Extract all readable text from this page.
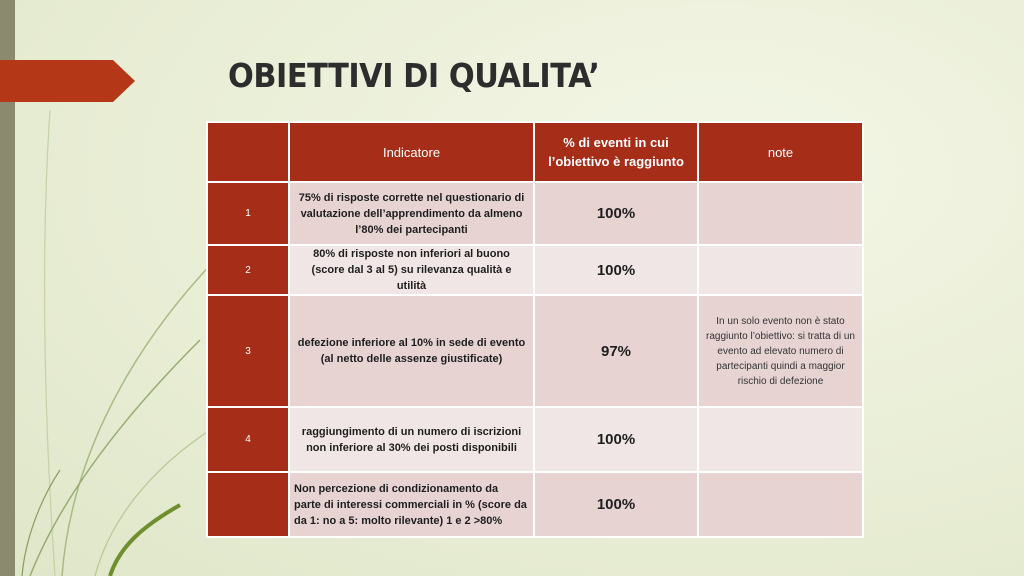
OBIETTIVI DI QUALITA’
	Indicatore	% di eventi in cui l’obiettivo è raggiunto	note
1	75% di risposte corrette nel questionario di valutazione dell’apprendimento da almeno l’80% dei partecipanti	100%	
2	80% di risposte non inferiori al buono (score dal 3 al 5) su rilevanza qualità e utilità	100%	
3	defezione inferiore al 10% in sede di evento (al netto delle assenze giustificate)	97%	In un solo evento non è stato raggiunto l’obiettivo: si tratta di un evento ad elevato numero di partecipanti quindi a maggior rischio di defezione
4	raggiungimento di un numero di iscrizioni non inferiore al 30% dei posti disponibili	100%	
	Non percezione di condizionamento da parte di interessi commerciali in % (score da da 1: no a 5: molto rilevante) 1 e 2 >80%	100%	
